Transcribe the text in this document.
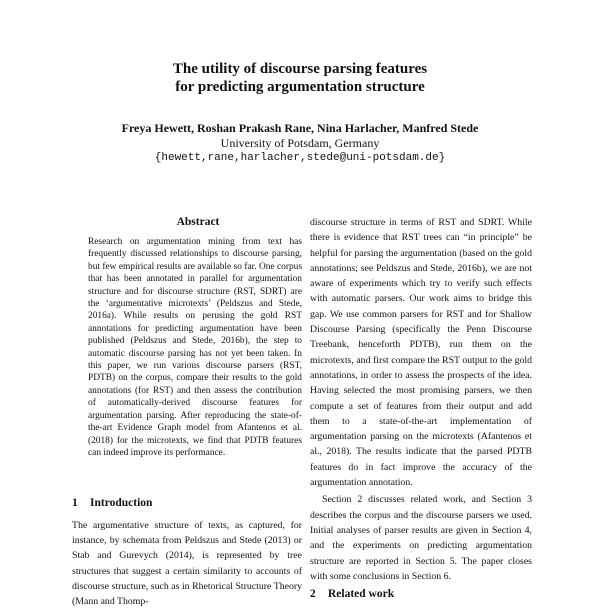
The utility of discourse parsing features
for predicting argumentation structure
Freya Hewett, Roshan Prakash Rane, Nina Harlacher, Manfred Stede
University of Potsdam, Germany
{hewett,rane,harlacher,stede@uni-potsdam.de}
Abstract

Research on argumentation mining from text has frequently discussed relationships to discourse parsing, but few empirical results are available so far. One corpus that has been annotated in parallel for argumentation structure and for discourse structure (RST, SDRT) are the ‘argumentative microtexts’ (Peldszus and Stede, 2016a). While results on perusing the gold RST annotations for predicting argumentation have been published (Peldszus and Stede, 2016b), the step to automatic discourse parsing has not yet been taken. In this paper, we run various discourse parsers (RST, PDTB) on the corpus, compare their results to the gold annotations (for RST) and then assess the contribution of automatically-derived discourse features for argumentation parsing. After reproducing the state-of-the-art Evidence Graph model from Afantenos et al. (2018) for the microtexts, we find that PDTB features can indeed improve its performance.

1 Introduction

The argumentative structure of texts, as captured, for instance, by schemata from Peldszus and Stede (2013) or Stab and Gurevych (2014), is represented by tree structures that suggest a certain similarity to accounts of discourse structure, such as in Rhetorical Structure Theory (Mann and Thomp-

discourse structure in terms of RST and SDRT. While there is evidence that RST trees can “in principle” be helpful for parsing the argumentation (based on the gold annotations; see Peldszus and Stede, 2016b), we are not aware of experiments which try to verify such effects with automatic parsers. Our work aims to bridge this gap. We use common parsers for RST and for Shallow Discourse Parsing (specifically the Penn Discourse Treebank, henceforth PDTB), run them on the microtexts, and first compare the RST output to the gold annotations, in order to assess the prospects of the idea. Having selected the most promising parsers, we then compute a set of features from their output and add them to a state-of-the-art implementation of argumentation parsing on the microtexts (Afantenos et al., 2018). The results indicate that the parsed PDTB features do in fact improve the accuracy of the argumentation annotation.

Section 2 discusses related work, and Section 3 describes the corpus and the discourse parsers we used. Initial analyses of parser results are given in Section 4, and the experiments on predicting argumentation structure are reported in Section 5. The paper closes with some conclusions in Section 6.

2 Related work
